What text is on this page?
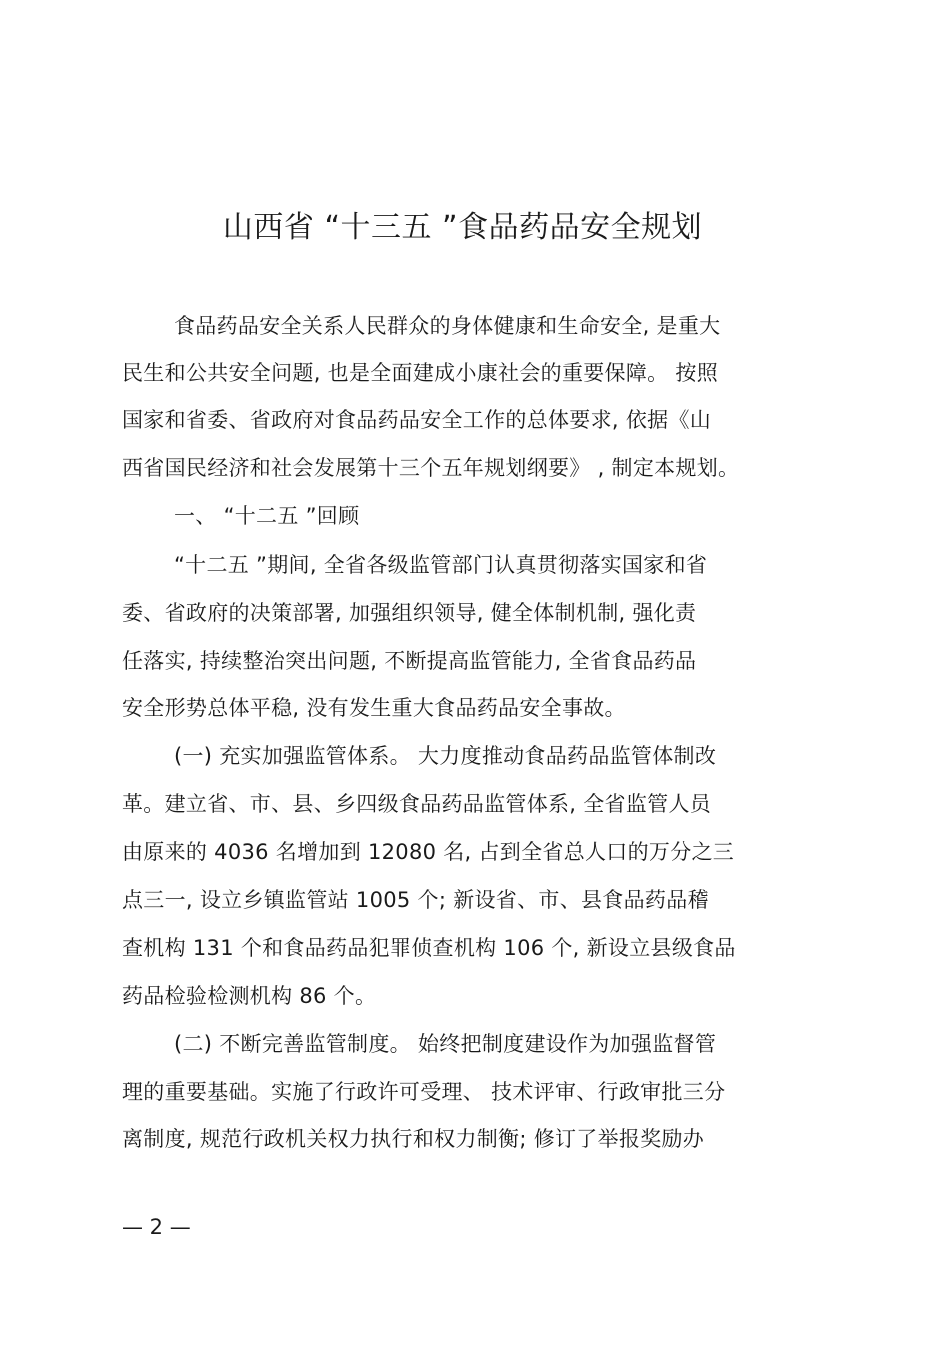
山西省 “十三五 ”食品药品安全规划
食品药品安全关系人民群众的身体健康和生命安全, 是重大
民生和公共安全问题, 也是全面建成小康社会的重要保障。 按照
国家和省委、省政府对食品药品安全工作的总体要求, 依据《山
西省国民经济和社会发展第十三个五年规划纲要》 , 制定本规划。
一、 “十二五 ”回顾
“十二五 ”期间, 全省各级监管部门认真贯彻落实国家和省
委、省政府的决策部署, 加强组织领导, 健全体制机制, 强化责
任落实, 持续整治突出问题, 不断提高监管能力, 全省食品药品
安全形势总体平稳, 没有发生重大食品药品安全事故。
(一) 充实加强监管体系。 大力度推动食品药品监管体制改
革。建立省、市、县、乡四级食品药品监管体系, 全省监管人员
由原来的 4036 名增加到 12080 名, 占到全省总人口的万分之三
点三一, 设立乡镇监管站 1005 个; 新设省、市、县食品药品稽
查机构 131 个和食品药品犯罪侦查机构 106 个, 新设立县级食品
药品检验检测机构 86 个。
(二) 不断完善监管制度。 始终把制度建设作为加强监督管
理的重要基础。实施了行政许可受理、 技术评审、行政审批三分
离制度, 规范行政机关权力执行和权力制衡; 修订了举报奖励办
— 2 —
